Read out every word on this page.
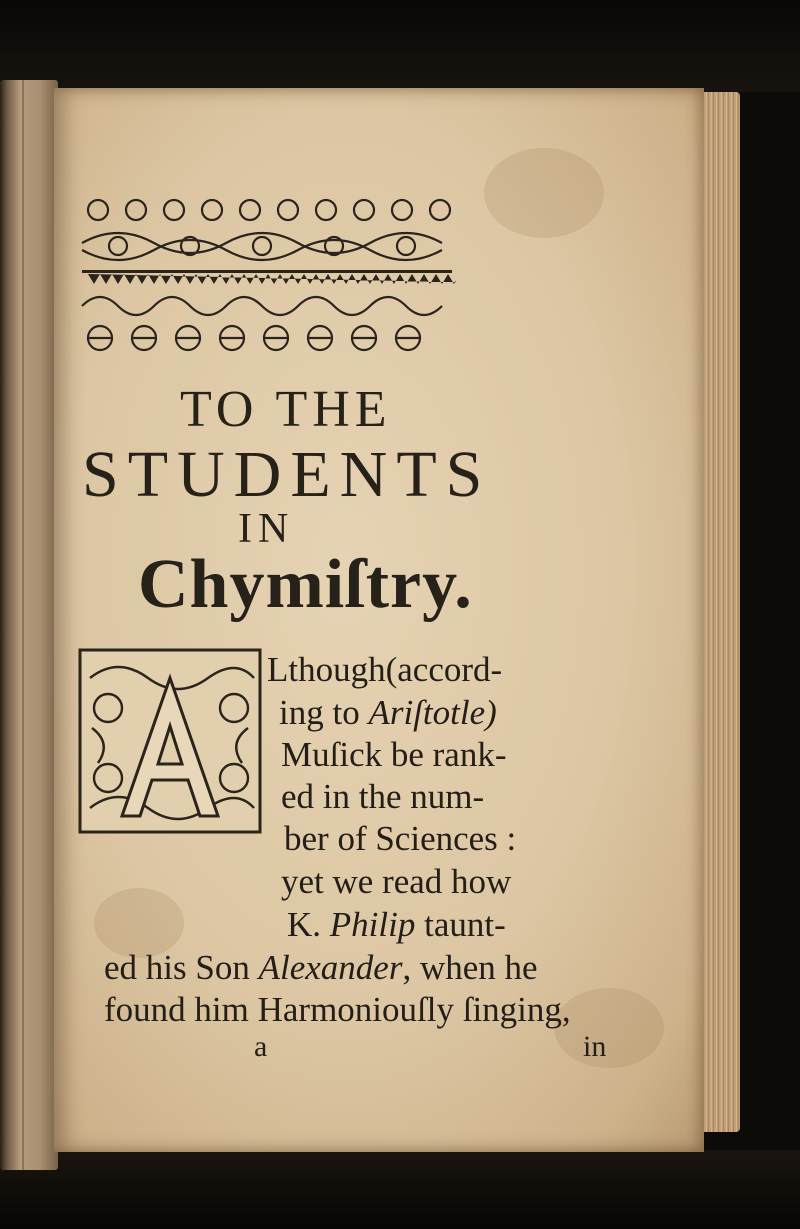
TO THE
STUDENTS
IN
Chymiſtry.
Lthough(accord-
ing to Ariſtotle)
Muſick be rank-
ed in the num-
ber of Sciences :
yet we read how
K. Philip taunt-
ed his Son Alexander, when he
found him Harmoniouſly ſinging,
a	in
